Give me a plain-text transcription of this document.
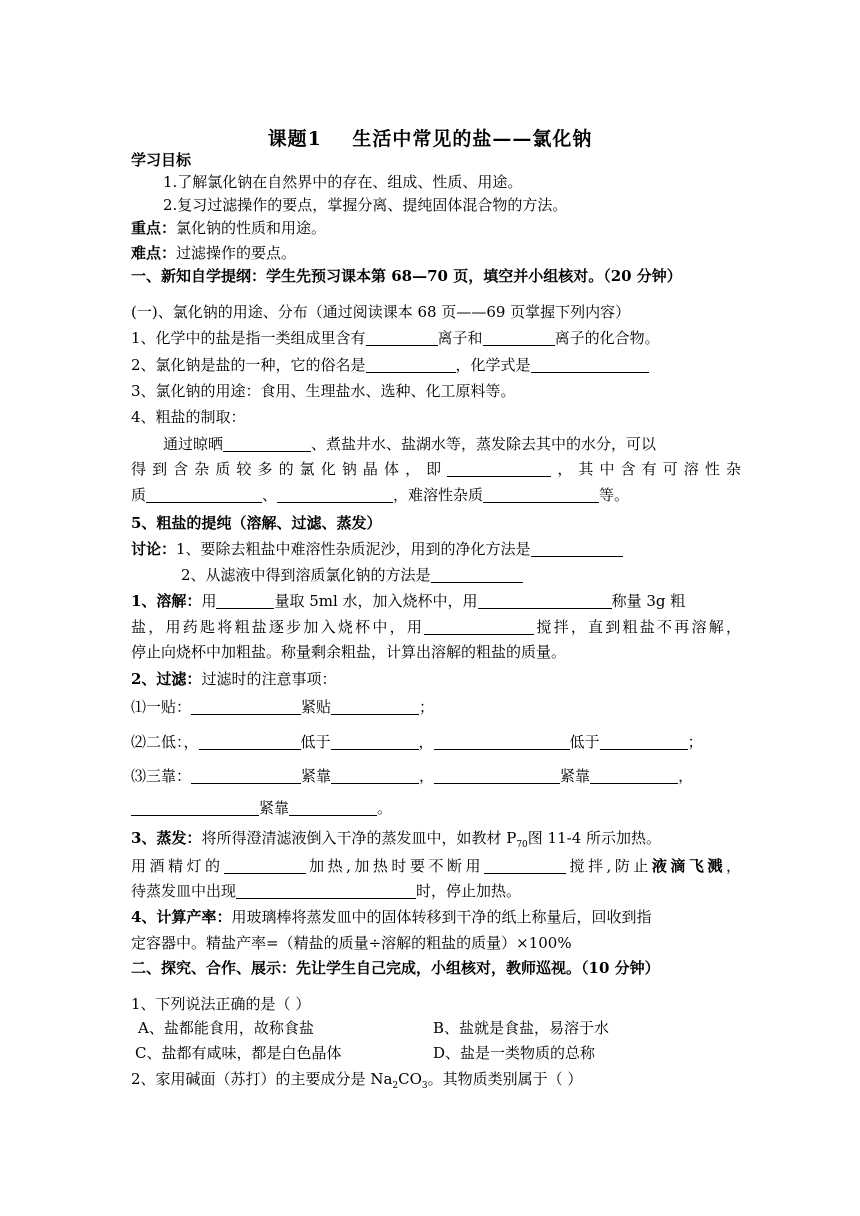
课题1    生活中常见的盐——氯化钠
学习目标
1.了解氯化钠在自然界中的存在、组成、性质、用途。
2.复习过滤操作的要点，掌握分离、提纯固体混合物的方法。
重点：氯化钠的性质和用途。
难点：过滤操作的要点。
一、新知自学提纲：学生先预习课本第 68—70 页，填空并小组核对。（20 分钟）
(一)、氯化钠的用途、分布（通过阅读课本 68 页——69 页掌握下列内容）
1、化学中的盐是指一类组成里含有	离子和	离子的化合物。
2、氯化钠是盐的一种，它的俗名是	，化学式是
3、氯化钠的用途：食用、生理盐水、选种、化工原料等。
4、粗盐的制取：
通过晾晒	、煮盐井水、盐湖水等，蒸发除去其中的水分，可以
得到含杂质较多的氯化钠晶体，即	，其中含有可溶性杂
质	、	，难溶性杂质	等。
5、粗盐的提纯（溶解、过滤、蒸发）
讨论：1、要除去粗盐中难溶性杂质泥沙，用到的净化方法是
2、从滤液中得到溶质氯化钠的方法是
1、溶解：用	量取 5ml 水，加入烧杯中，用	称量 3g 粗
盐，用药匙将粗盐逐步加入烧杯中，用	搅拌，直到粗盐不再溶解，
停止向烧杯中加粗盐。称量剩余粗盐，计算出溶解的粗盐的质量。
2、过滤：过滤时的注意事项：
⑴一贴：	紧贴	；
⑵二低：，	低于	，	低于	；
⑶三靠：	紧靠	，	紧靠	，
紧靠	。
3、蒸发：将所得澄清滤液倒入干净的蒸发皿中，如教材 $P_{70}$图 11-4 所示加热。
用酒精灯的	加热,加热时要不断用	搅拌,防止液滴飞溅，
待蒸发皿中出现	时，停止加热。
4、计算产率：用玻璃棒将蒸发皿中的固体转移到干净的纸上称量后，回收到指
定容器中。精盐产率=（精盐的质量÷溶解的粗盐的质量）×100%
二、探究、合作、展示：先让学生自己完成，小组核对，教师巡视。（10 分钟）
1、下列说法正确的是（ ）
A、盐都能食用，故称食盐	B、盐就是食盐，易溶于水
C、盐都有咸味，都是白色晶体	D、盐是一类物质的总称
2、家用碱面（苏打）的主要成分是 $Na_2CO_3$。其物质类别属于（ ）
